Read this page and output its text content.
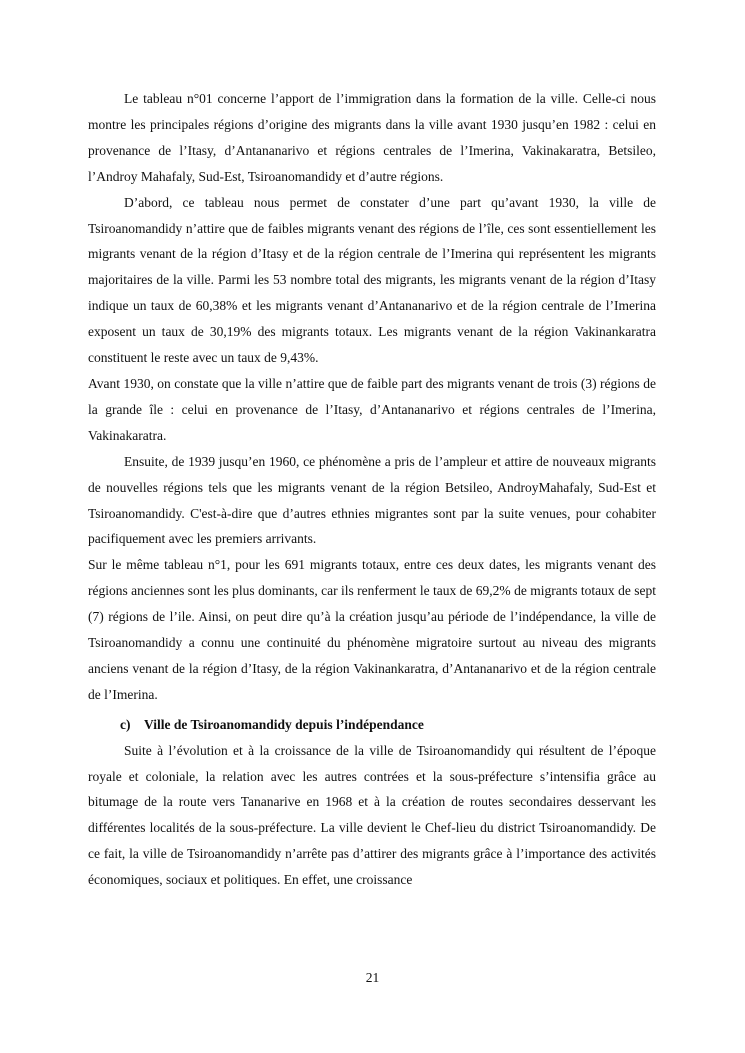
Le tableau n°01 concerne l’apport de l’immigration dans la formation de la ville. Celle-ci nous montre les principales régions d’origine des migrants dans la ville avant 1930 jusqu’en 1982 : celui en provenance de l’Itasy, d’Antananarivo et régions centrales de l’Imerina, Vakinakaratra, Betsileo, l’Androy Mahafaly, Sud-Est, Tsiroanomandidy et d’autre régions.

D’abord, ce tableau nous permet de constater d’une part qu’avant 1930, la ville de Tsiroanomandidy n’attire que de faibles migrants venant des régions de l’île, ces sont essentiellement les migrants venant de la région d’Itasy et de la région centrale de l’Imerina qui représentent les migrants majoritaires de la ville. Parmi les 53 nombre total des migrants, les migrants venant de la région d’Itasy indique un taux de 60,38% et les migrants venant d’Antananarivo et de la région centrale de l’Imerina exposent un taux de 30,19% des migrants totaux. Les migrants venant de la région Vakinankaratra constituent le reste avec un taux de 9,43%.

Avant 1930, on constate que la ville n’attire que de faible part des migrants venant de trois (3) régions de la grande île : celui en provenance de l’Itasy, d’Antananarivo et régions centrales de l’Imerina, Vakinakaratra.

Ensuite, de 1939 jusqu’en 1960, ce phénomène a pris de l’ampleur et attire de nouveaux migrants de nouvelles régions tels que les migrants venant de la région Betsileo, AndroyMahafaly, Sud-Est et Tsiroanomandidy. C'est-à-dire que d’autres ethnies migrantes sont par la suite venues, pour cohabiter pacifiquement avec les premiers arrivants.

Sur le même tableau n°1, pour les 691 migrants totaux, entre ces deux dates, les migrants venant des régions anciennes sont les plus dominants, car ils renferment le taux de 69,2% de migrants totaux de sept (7) régions de l’ile. Ainsi, on peut dire qu’à la création jusqu’au période de l’indépendance, la ville de Tsiroanomandidy a connu une continuité du phénomène migratoire surtout au niveau des migrants anciens venant de la région d’Itasy, de la région Vakinankaratra, d’Antananarivo et de la région centrale de l’Imerina.

c) Ville de Tsiroanomandidy depuis l’indépendance

Suite à l’évolution et à la croissance de la ville de Tsiroanomandidy qui résultent de l’époque royale et coloniale, la relation avec les autres contrées et la sous-préfecture s’intensifia grâce au bitumage de la route vers Tananarive en 1968 et à la création de routes secondaires desservant les différentes localités de la sous-préfecture. La ville devient le Chef-lieu du district Tsiroanomandidy. De ce fait, la ville de Tsiroanomandidy n’arrête pas d’attirer des migrants grâce à l’importance des activités économiques, sociaux et politiques. En effet, une croissance

21
